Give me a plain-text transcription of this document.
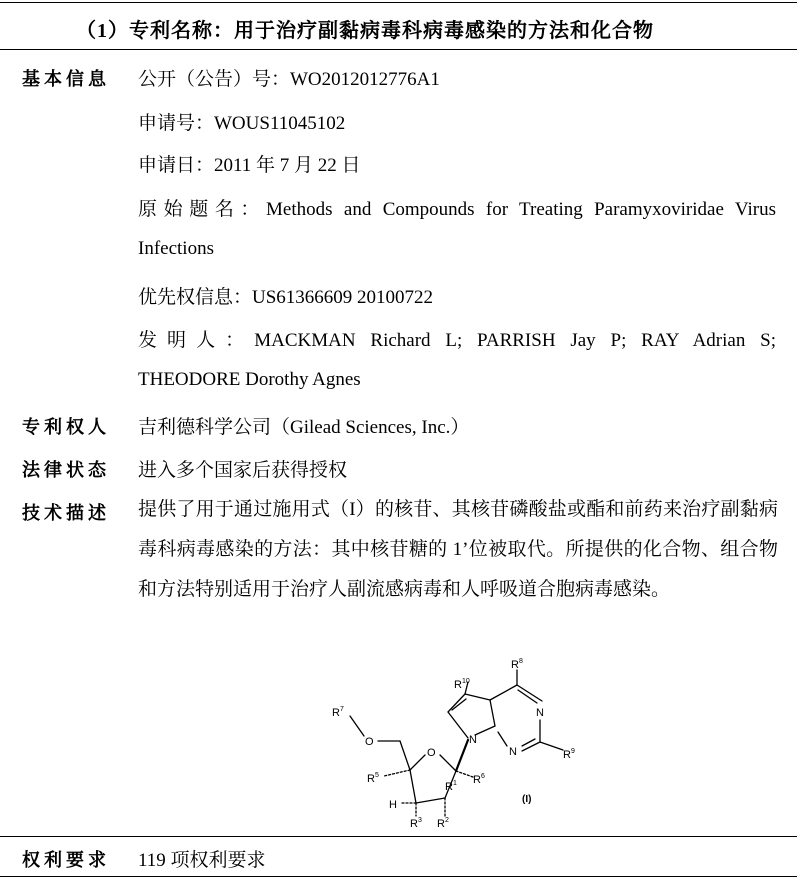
（1）专利名称：用于治疗副黏病毒科病毒感染的方法和化合物
基本信息 公开（公告）号：WO2012012776A1
申请号：WOUS11045102
申请日：2011 年 7 月 22 日
原始题名：Methods and Compounds for Treating Paramyxoviridae Virus
Infections
优先权信息：US61366609 20100722
发明人：MACKMAN Richard L; PARRISH Jay P; RAY Adrian S;
THEODORE Dorothy Agnes
专利权人 吉利德科学公司（Gilead Sciences, Inc.）
法律状态 进入多个国家后获得授权
技术描述 提供了用于通过施用式（I）的核苷、其核苷磷酸盐或酯和前药来治疗副黏病毒科病毒感染的方法：其中核苷糖的 1’位被取代。所提供的化合物、组合物和方法特别适用于治疗人副流感病毒和人呼吸道合胞病毒感染。
$R^7$
O
O
$R^5$	$R^6$
$R^1$
H
$R^3$ $R^2$
$R^{10}$
$R^8$
$R^9$
N
N
N
(I)
权利要求 119 项权利要求
